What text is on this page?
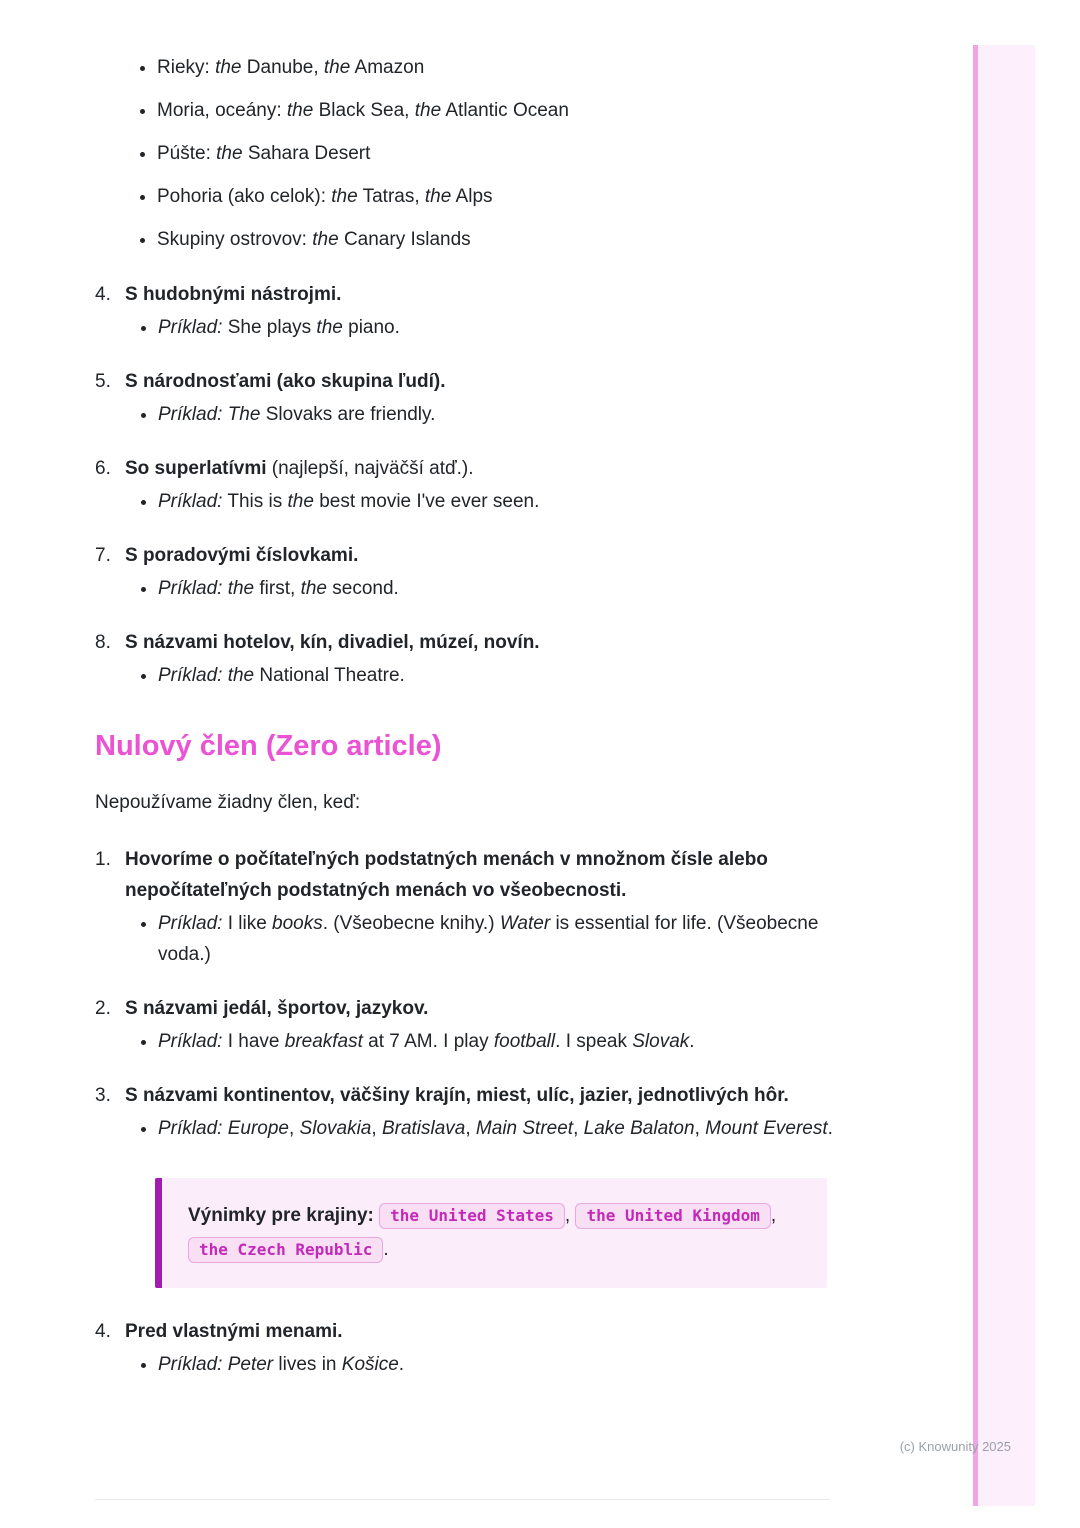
• Rieky: the Danube, the Amazon
• Moria, oceány: the Black Sea, the Atlantic Ocean
• Púšte: the Sahara Desert
• Pohoria (ako celok): the Tatras, the Alps
• Skupiny ostrovov: the Canary Islands
4. S hudobnými nástrojmi.
• Príklad: She plays the piano.
5. S národnosťami (ako skupina ľudí).
• Príklad: The Slovaks are friendly.
6. So superlatívmi (najlepší, najväčší atď.).
• Príklad: This is the best movie I've ever seen.
7. S poradovými číslovkami.
• Príklad: the first, the second.
8. S názvami hotelov, kín, divadiel, múzeí, novín.
• Príklad: the National Theatre.
Nulový člen (Zero article)

Nepoužívame žiadny člen, keď:

1. Hovoríme o počítateľných podstatných menách v množnom čísle alebo nepočítateľných podstatných menách vo všeobecnosti.
• Príklad: I like books. (Všeobecne knihy.) Water is essential for life. (Všeobecne voda.)
2. S názvami jedál, športov, jazykov.
• Príklad: I have breakfast at 7 AM. I play football. I speak Slovak.
3. S názvami kontinentov, väčšiny krajín, miest, ulíc, jazier, jednotlivých hôr.
• Príklad: Europe, Slovakia, Bratislava, Main Street, Lake Balaton, Mount Everest.
Výnimky pre krajiny: the United States , the United Kingdom , the Czech Republic .
4. Pred vlastnými menami.
• Príklad: Peter lives in Košice.
(c) Knowunity 2025
